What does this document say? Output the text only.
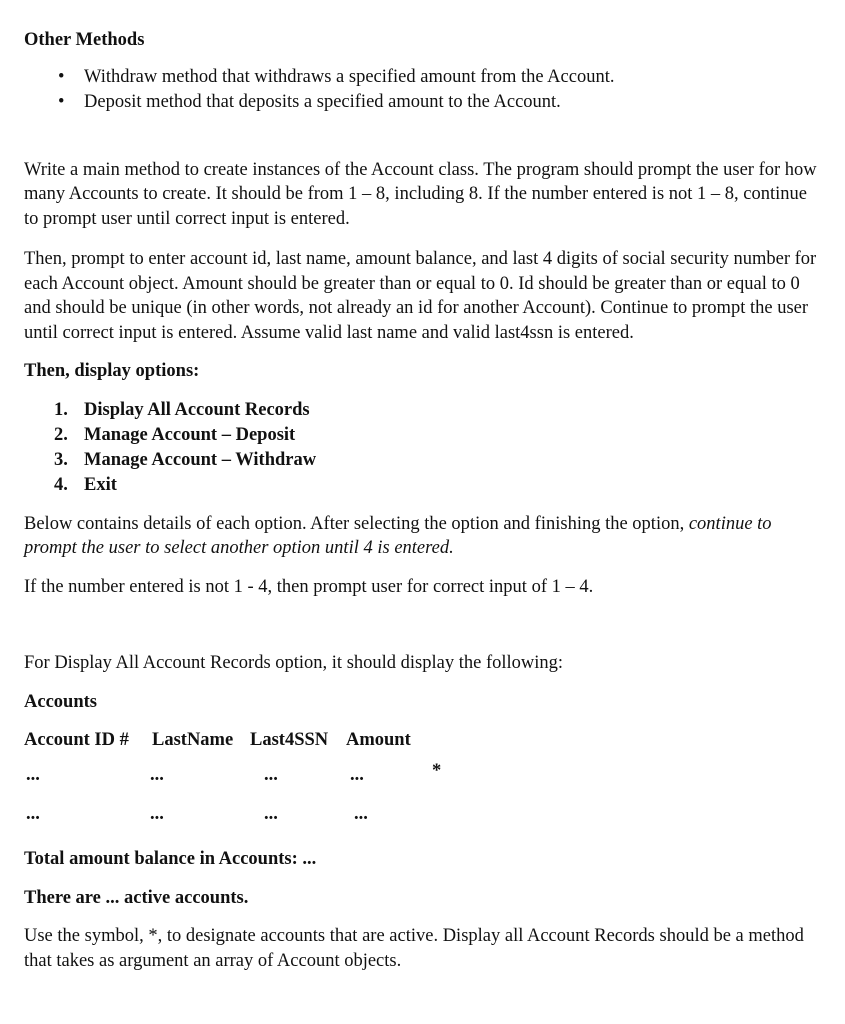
Other Methods

• Withdraw method that withdraws a specified amount from the Account.
• Deposit method that deposits a specified amount to the Account.

Write a main method to create instances of the Account class. The program should prompt the user for how many Accounts to create. It should be from 1 – 8, including 8. If the number entered is not 1 – 8, continue to prompt user until correct input is entered.

Then, prompt to enter account id, last name, amount balance, and last 4 digits of social security number for each Account object. Amount should be greater than or equal to 0. Id should be greater than or equal to 0 and should be unique (in other words, not already an id for another Account). Continue to prompt the user until correct input is entered. Assume valid last name and valid last4ssn is entered.

Then, display options:

1. Display All Account Records
2. Manage Account – Deposit
3. Manage Account – Withdraw
4. Exit

Below contains details of each option. After selecting the option and finishing the option, continue to prompt the user to select another option until 4 is entered.

If the number entered is not 1 - 4, then prompt user for correct input of 1 – 4.

For Display All Account Records option, it should display the following:

Accounts

Account ID # LastName Last4SSN Amount
...	...	...	...	*
...	...	...	...

Total amount balance in Accounts: ...

There are ... active accounts.

Use the symbol, *, to designate accounts that are active. Display all Account Records should be a method that takes as argument an array of Account objects.
